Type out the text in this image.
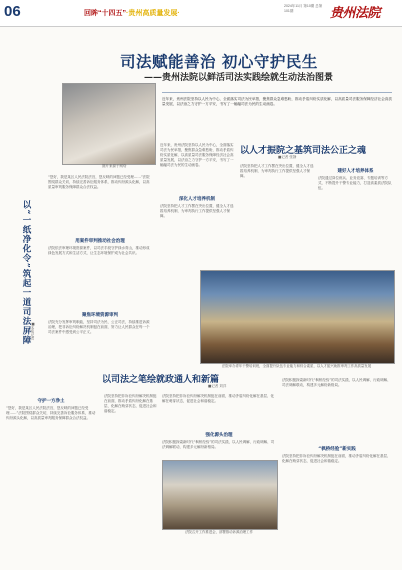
06	回眸“十四五”·贵州高质量发展·
2024年11月 第10期 总第101期	贵州法院
司法赋能善治 初心守护民生
——贵州法院以鲜活司法实践绘就生动法治图景
近年来，贵州法院坚持以人民为中心，全面落实司法为民举措，聚焦群众急难愁盼，推动矛盾纠纷实质化解，以高质量司法服务保障经济社会高质量发展，以法治之力守护一方平安，书写了一幅幅司法为民的生动画卷。
图片来源于网络
以“一纸净化令”筑起一道司法屏障 ■本报记者
“您好，我是某区人民法院法官，您反映的问题已经受理……”法院围绕群众关切，持续完善诉讼服务体系，推动纠纷源头化解，以高质量审判服务保障群众合法权益。
用案件审判推动社会治理
法院依法审理环境资源案件，以司法手段守护绿水青山，推动形成绿色发展方式和生活方式，让生态环境保护成为社会共识。
聚焦环境资源审判
法院充分发挥审判职能，坚持司法为民、公正司法，持续推进诉源治理，把非诉讼纠纷解决机制挺在前面，努力让人民群众在每一个司法案件中感受到公平正义。
守护一方净土
“您好，我是某区人民法院法官，您反映的问题已经受理……”法院围绕群众关切，持续完善诉讼服务体系，推动纠纷源头化解，以高质量审判服务保障群众合法权益。
近年来，贵州法院坚持以人民为中心，全面落实司法为民举措，聚焦群众急难愁盼，推动矛盾纠纷实质化解，以高质量司法服务保障经济社会高质量发展，以法治之力守护一方平安，书写了一幅幅司法为民的生动画卷。
深化人才培养机制
法院坚持把人才工作摆在突出位置，健全人才选拔培养机制，为审判执行工作提供坚强人才保障。
以人才振院之基筑司法公正之魂
■记者 张静
法院坚持把人才工作摆在突出位置，健全人才选拔培养机制，为审判执行工作提供坚强人才保障。
建好人才培养体系
法院通过岗位练兵、业务竞赛、专题培训等方式，不断提升干警专业能力，打造高素质法院队伍。
法院举办青年干警培训班，全面提升队伍专业能力和综合素质，以人才振兴助推审判工作高质量发展
以司法之笔绘就政通人和新篇
■记者 刘洋
法院坚持把非诉讼纠纷解决机制挺在前面，推动矛盾纠纷化解在基层、化解在萌芽状态，促进社会和谐稳定。
强化源头治理
法院坚持把非诉讼纠纷解决机制挺在前面，推动矛盾纠纷化解在基层、化解在萌芽状态，促进社会和谐稳定。
法院积极探索新时代“枫桥经验”的司法实践，以人民调解、行政调解、司法调解联动，构建多元解纷新格局。
法院召开工作推进会，部署推动诉源治理工作
“枫桥经验”新实践
法院积极探索新时代“枫桥经验”的司法实践，以人民调解、行政调解、司法调解联动，构建多元解纷新格局。
法院坚持把非诉讼纠纷解决机制挺在前面，推动矛盾纠纷化解在基层、化解在萌芽状态，促进社会和谐稳定。
